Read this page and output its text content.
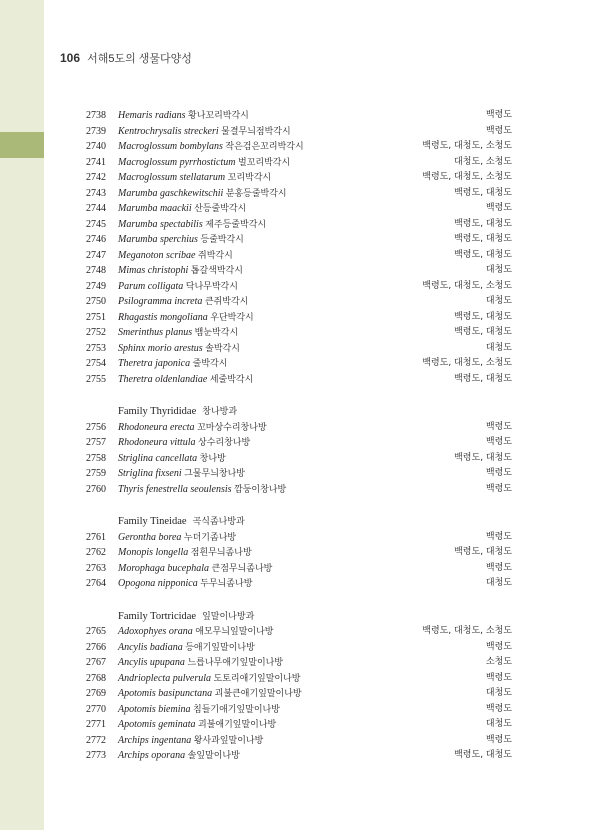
106 서해5도의 생물다양성
2738 Hemaris radians 황나꼬리박각시	백령도
2739 Kentrochrysalis streckeri 물결무늬점박각시	백령도
2740 Macroglossum bombylans 작은검은꼬리박각시	백령도, 대청도, 소청도
2741 Macroglossum pyrrhostictum 벌꼬리박각시	대청도, 소청도
2742 Macroglossum stellatarum 꼬리박각시	백령도, 대청도, 소청도
2743 Marumba gaschkewitschii 분홍등줄박각시	백령도, 대청도
2744 Marumba maackii 산등줄박각시	백령도
2745 Marumba spectabilis 제주등줄박각시	백령도, 대청도
2746 Marumba sperchius 등줄박각시	백령도, 대청도
2747 Meganoton scribae 쥐박각시	백령도, 대청도
2748 Mimas christophi 톱갈색박각시	대청도
2749 Parum colligata 닥나무박각시	백령도, 대청도, 소청도
2750 Psilogramma increta 큰쥐박각시	대청도
2751 Rhagastis mongoliana 우단박각시	백령도, 대청도
2752 Smerinthus planus 뱀눈박각시	백령도, 대청도
2753 Sphinx morio arestus 솔박각시	대청도
2754 Theretra japonica 줄박각시	백령도, 대청도, 소청도
2755 Theretra oldenlandiae 세줄박각시	백령도, 대청도
Family Thyrididae 창나방과
2756 Rhodoneura erecta 꼬마상수리창나방	백령도
2757 Rhodoneura vittula 상수리창나방	백령도
2758 Striglina cancellata 창나방	백령도, 대청도
2759 Striglina fixseni 그물무늬창나방	백령도
2760 Thyris fenestrella seoulensis 깜둥이창나방	백령도
Family Tineidae 곡식좀나방과
2761 Gerontha borea 누더기좀나방	백령도
2762 Monopis longella 점흰무늬좀나방	백령도, 대청도
2763 Morophaga bucephala 큰점무늬좀나방	백령도
2764 Opogona nipponica 두무늬좀나방	대청도
Family Tortricidae 잎말이나방과
2765 Adoxophyes orana 애모무늬잎말이나방	백령도, 대청도, 소청도
2766 Ancylis badiana 등애기잎말이나방	백령도
2767 Ancylis upupana 느릅나무애기잎말이나방	소청도
2768 Andrioplecta pulverula 도토리애기잎말이나방	백령도
2769 Apotomis basipunctana 괴불큰애기잎말이나방	대청도
2770 Apotomis biemina 침들기애기잎말이나방	백령도
2771 Apotomis geminata 괴불애기잎말이나방	대청도
2772 Archips ingentana 왕사과잎말이나방	백령도
2773 Archips oporana 솔잎말이나방	백령도, 대청도
